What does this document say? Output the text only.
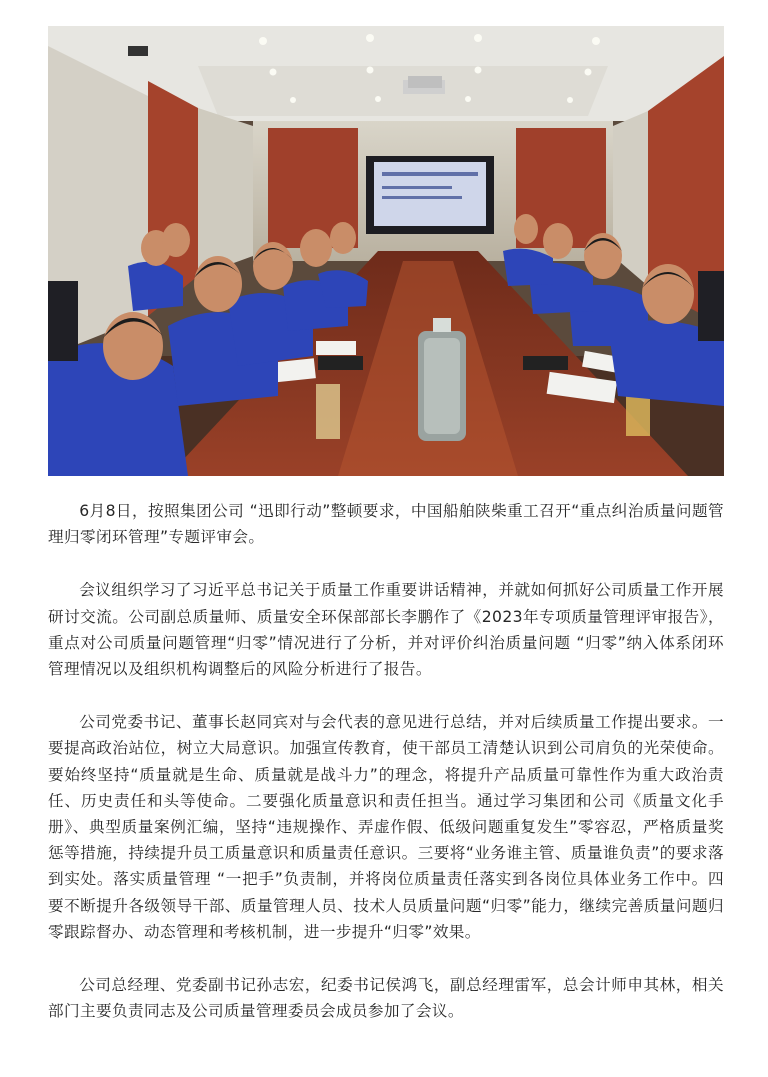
6月8日，按照集团公司 “迅即行动”整顿要求，中国船舶陕柴重工召开“重点纠治质量问题管理归零闭环管理”专题评审会。

会议组织学习了习近平总书记关于质量工作重要讲话精神，并就如何抓好公司质量工作开展研讨交流。公司副总质量师、质量安全环保部部长李鹏作了《2023年专项质量管理评审报告》，重点对公司质量问题管理“归零”情况进行了分析，并对评价纠治质量问题 “归零”纳入体系闭环管理情况以及组织机构调整后的风险分析进行了报告。

公司党委书记、董事长赵同宾对与会代表的意见进行总结，并对后续质量工作提出要求。一要提高政治站位，树立大局意识。加强宣传教育，使干部员工清楚认识到公司肩负的光荣使命。要始终坚持“质量就是生命、质量就是战斗力”的理念，将提升产品质量可靠性作为重大政治责任、历史责任和头等使命。二要强化质量意识和责任担当。通过学习集团和公司《质量文化手册》、典型质量案例汇编，坚持“违规操作、弄虚作假、低级问题重复发生”零容忍，严格质量奖惩等措施，持续提升员工质量意识和质量责任意识。三要将“业务谁主管、质量谁负责”的要求落到实处。落实质量管理 “一把手”负责制，并将岗位质量责任落实到各岗位具体业务工作中。四要不断提升各级领导干部、质量管理人员、技术人员质量问题“归零”能力，继续完善质量问题归零跟踪督办、动态管理和考核机制，进一步提升“归零”效果。

公司总经理、党委副书记孙志宏，纪委书记侯鸿飞，副总经理雷军，总会计师申其林，相关部门主要负责同志及公司质量管理委员会成员参加了会议。
